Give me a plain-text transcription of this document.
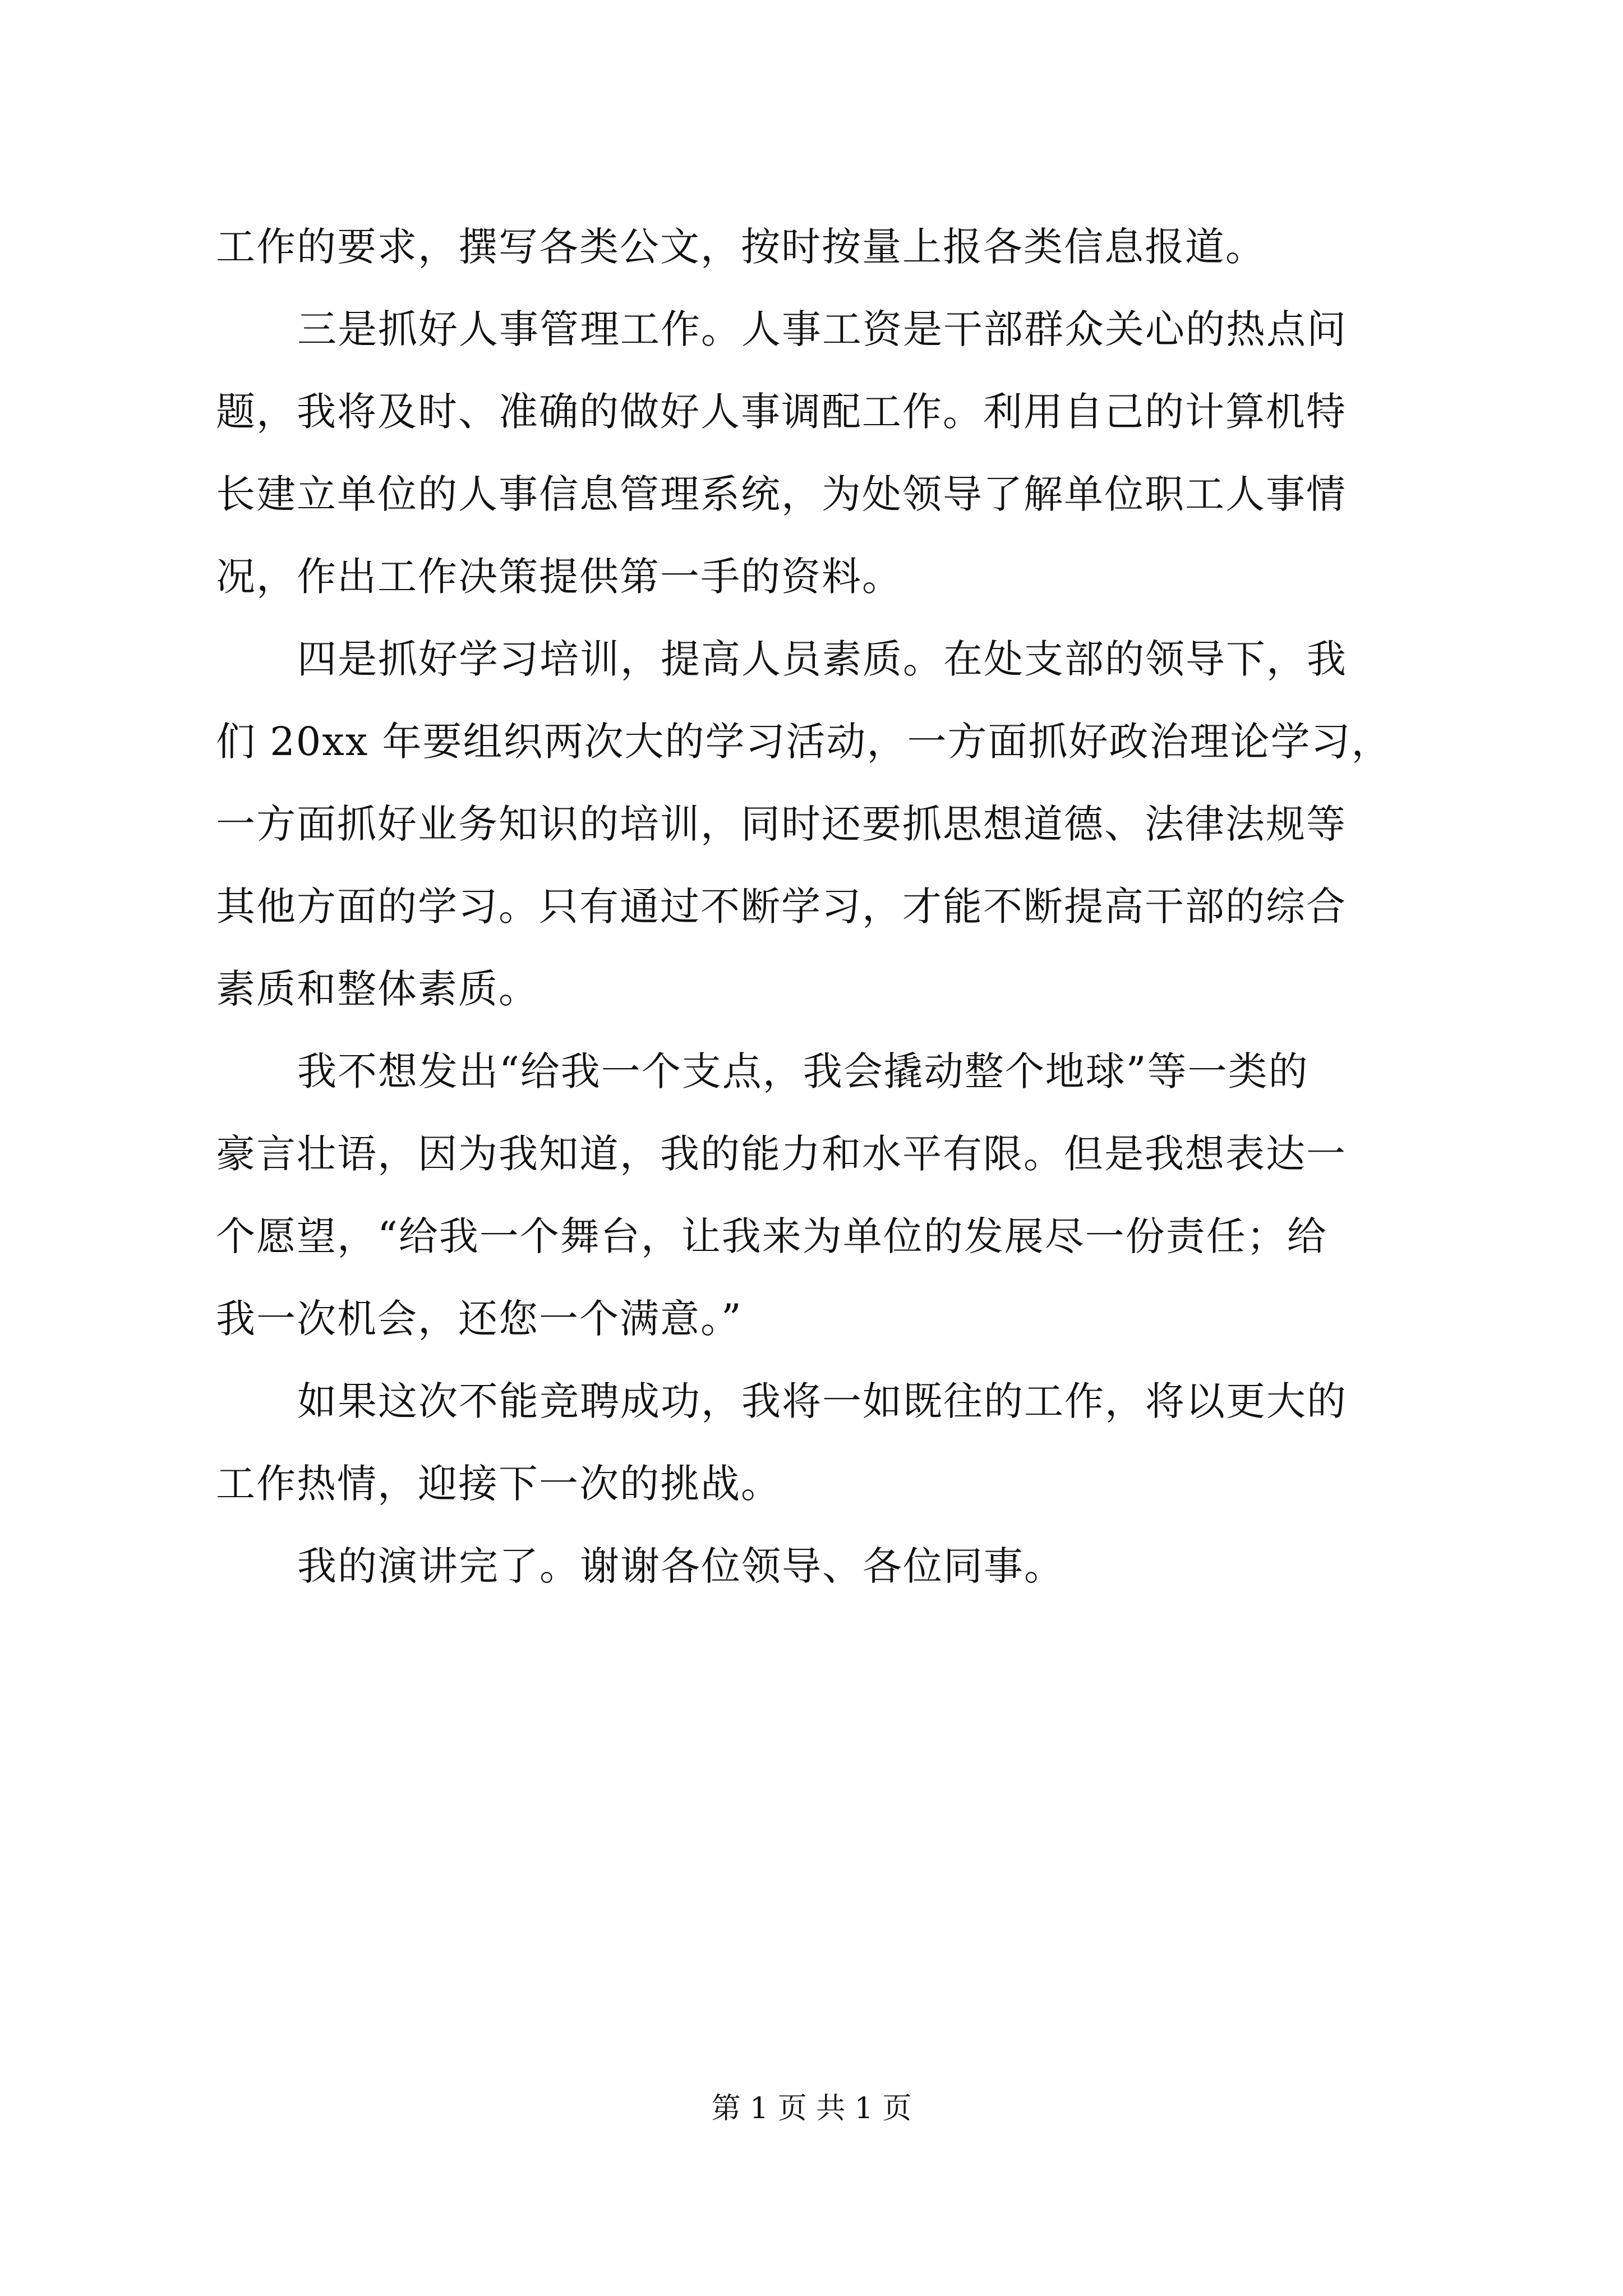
工作的要求，撰写各类公文，按时按量上报各类信息报道。
三是抓好人事管理工作。人事工资是干部群众关心的热点问
题，我将及时、准确的做好人事调配工作。利用自己的计算机特
长建立单位的人事信息管理系统，为处领导了解单位职工人事情
况，作出工作决策提供第一手的资料。
四是抓好学习培训，提高人员素质。在处支部的领导下，我
们 20xx 年要组织两次大的学习活动，一方面抓好政治理论学习，
一方面抓好业务知识的培训，同时还要抓思想道德、法律法规等
其他方面的学习。只有通过不断学习，才能不断提高干部的综合
素质和整体素质。
我不想发出“给我一个支点，我会撬动整个地球”等一类的
豪言壮语，因为我知道，我的能力和水平有限。但是我想表达一
个愿望，“给我一个舞台，让我来为单位的发展尽一份责任；给
我一次机会，还您一个满意。”
如果这次不能竞聘成功，我将一如既往的工作，将以更大的
工作热情，迎接下一次的挑战。
我的演讲完了。谢谢各位领导、各位同事。
第 1 页 共 1 页
